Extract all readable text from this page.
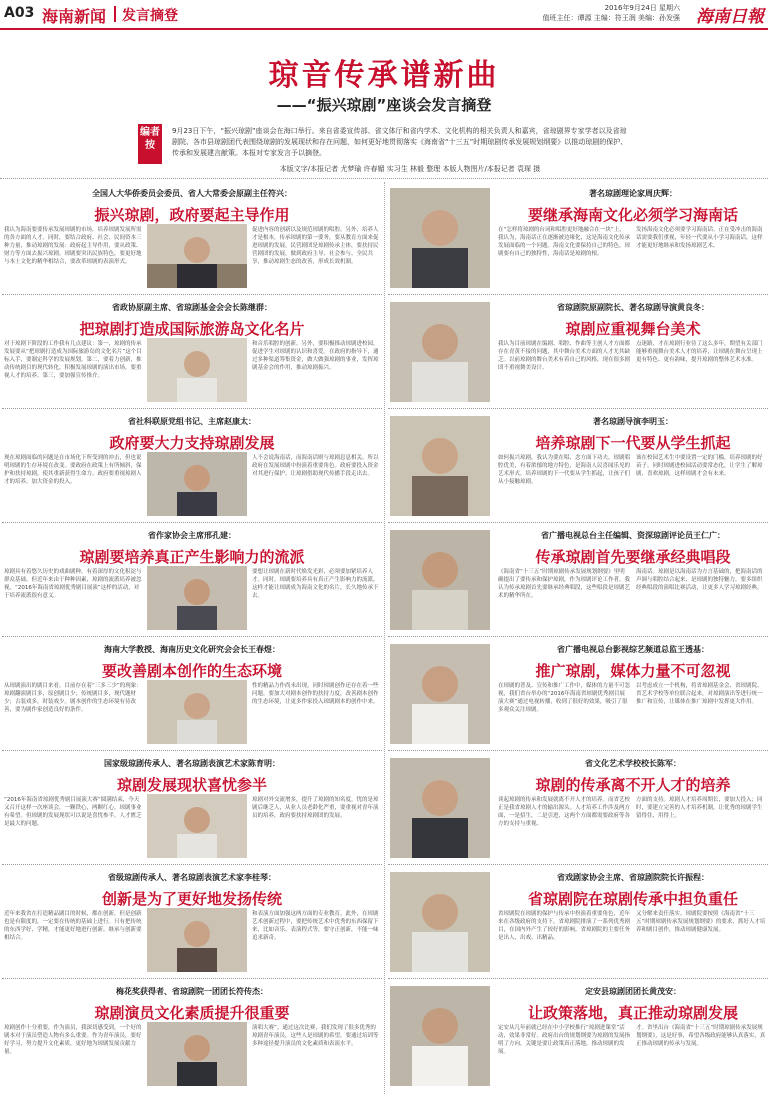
A03 海南新闻 发言摘登	2016年9月24日 星期六
值班主任：谭源 主编：符王润 美编：孙发强 海南日報
琼音传承谱新曲
——“振兴琼剧”座谈会发言摘登
编者按

9月23日下午，“振兴琼剧”座谈会在海口举行。来自省委宣传部、省文体厅和省内学术、文化机构的相关负责人和嘉宾，省琼剧界专家学者以及省琼剧院、各市县琼剧团代表围绕琼剧的发展现状和存在问题，如何更好地贯彻落实《海南省“十三五”时期琼剧传承发展规划纲要》以推动琼剧的保护、传承和发展建言献策。本报对专家发言予以摘登。

本版文字/本报记者 尤梦瑜 许春媚 实习生 林毅 整理 本版人物图片/本报记者 袁琛 摄

全国人大华侨委员会委员、省人大常委会原副主任符兴：
振兴琼剧，政府要起主导作用

我认为海南要要传承发展琼剧的市场，培养琼剧发展所需的各方面的人才。同时，要结合政府、社会、民间资本三种力量，推动琼剧的发展：政府起主导作用，要从政策、财力等方面去振兴琼剧。琼剧要突出民族特色，要更好地与本土文化的精华相结合，要改革琼剧的表演形式。

促进内容的创新以及规范琼剧的唱腔。另外，培养人才是根本，传承琼剧的第一要务，要从教育方面来促进琼剧的发展。民营剧团是琼剧传承主体，要扶持民营剧团的发展，做到政府主导、社会参与、全民共享，推动琼剧生态的改善，形成长效机制。

省政协原副主席、省琼剧基金会会长陈继群：
把琼剧打造成国际旅游岛文化名片

对于琼剧下阶段的工作我有几点建议：第一，琼剧的传承发展要从“把琼剧打造成为国际旅游岛的文化名片”这个目标入手，要制定科学的发展规划。第二，要着力创新，推动传统剧目的现代转化，积极发展琼剧的演出市场，要重视人才的培养。第三，要加强宣传推介。

和音乐唱腔的创新。另外，要积极推动琼剧进校园，促进学生对琼剧的认识和喜爱。在政府的指导下，通过多种渠道筹集资金，做大做强琼剧的事业，发挥琼剧基金会的作用，推动琼剧振兴。

省社科联原党组书记、主席赵康太：
政府要大力支持琼剧发展

现在琼剧面临的问题是在市场化下所受到的冲击，但也说明琼剧的生存环境在改变。要政府在政策上有所倾斜，保护和扶持琼剧，使其重新获得生命力。政府要重视琼剧人才的培养，加大资金的投入。

人不会说海南话，而海南话则与琼剧息息相关。所以政府在发展琼剧中扮演着重要角色。政府要投入资金对其进行保护。让琼剧借助现代传播手段走出去。

省作家协会主席邢孔建：
琼剧要培养真正产生影响力的流派

琼剧具有着悠久历史的戏曲剧种，有着深厚的文化积淀与群众基础。但近年来由于种种因素，琼剧的流派培养被忽视。“2016年海南省琼剧优秀剧目展演”这样的活动，对于培养流派很有意义。

要想让琼剧在新时代焕发光彩，必须要加紧培养人才。同时，琼剧要培养具有真正产生影响力的流派，这样才能让琼剧成为海南文化的名片，长久地传承下去。

海南大学教授、海南历史文化研究会会长王春煜：
要改善剧本创作的生态环境

从琼剧演出的剧目来看，目前存在着“三多三少”的现象：琼剧翻演剧目多，原创剧目少；传统剧目多，现代题材少；古装戏多，时装戏少。剧本创作的生态环境有待改善，要为剧作家创造良好的条件。

性的精品力作尚未出现。同时琼剧创作还存在着一些问题。要加大对剧本创作的扶持力度，改善剧本创作的生态环境，让更多作家投入琼剧剧本的创作中来。

国家级琼剧传承人、著名琼剧表演艺术家陈育明：
琼剧发展现状喜忧参半

“2016年海南省琼剧优秀剧目展演大赛”圆满结束，今天又召开这样一次座谈会，一颗铁心，两颗红心，琼剧事业有希望。但琼剧的发展现状可以说是喜忧参半，人才匮乏是最大的问题。

琼剧对外交流增多，提升了琼剧的知名度。忧的是琼剧后继乏人，从业人员老龄化严重，要重视对青年演员的培养，政府要扶持琼剧团的发展。

省级琼剧传承人、著名琼剧表演艺术家李桂琴：
创新是为了更好地发扬传统

近年来我省在打造精品剧目的时候，都在创新，但是创新也是有限度的，一定要在传统的基础上进行。只有把传统的东西学好、学精，才能更好地进行创新。继承与创新要相结合。

和表演方面加强这两方面的专业教育。此外，在琼剧艺术创新过程中，要把传统艺术中优秀的东西保留下来，比如音乐、表演程式等，要守正创新，不能一味追求新奇。

梅花奖获得者、省琼剧院一团团长符传杰：
琼剧演员文化素质提升很重要

琼剧创作十分重要，作为演员，我深切感受到，一个好的剧本对于演员塑造人物有多么重要。作为青年演员，要好好学习，努力提升文化素质，更好地为琼剧发展贡献力量。

演唱大赛”。通过这次比赛，我们发现了很多优秀的琼剧青年演员，这些人是琼剧的希望。要通过培训等多种途径提升演员的文化素质和表演水平。

著名琼剧理论家周庆辉：
要继承海南文化必须学习海南话

在“怎样将琼剧的台词和唱腔更好地融合在一块”上，我认为，海南话正在逐渐被边缘化，这是海南文化传承发展面临的一个问题。海南文化要保持自己的特色，琼剧要有自己的独特性，海南话是琼剧的根。

发扬海南文化必须要学习海南话。正在受冲击的海南话需要我们重视，年轻一代要从小学习海南话，这样才能更好地继承和发扬琼剧艺术。

省琼剧院原副院长、著名琼剧导演黄良冬：
琼剧应重视舞台美术

我认为目前琼剧在编剧、唱腔、作曲等主创人才方面都存在青黄不接的问题，其中舞台美术方面的人才尤其缺乏。以前琼剧的舞台美术有着自己的风格，现在很多剧团不重视舞美设计。

点迷路，才在琼剧行业待了这么多年，期望有关部门能够重视舞台美术人才的培养，让琼剧在舞台呈现上更有特色、更有韵味，提升琼剧的整体艺术水准。

著名琼剧导演李明玉：
培养琼剧下一代要从学生抓起

如何振兴琼剧，我认为要在唱、念方面下功夫。琼剧唱腔优美，有着浓郁的地方特色，是海南人民喜闻乐见的艺术形式。培养琼剧的下一代要从学生抓起，让孩子们从小接触琼剧。

该在校园艺术生中要设置一定的门槛，培养琼剧的好苗子。同时琼剧进校园活动要常态化，让学生了解琼剧、喜欢琼剧，这样琼剧才会有未来。

省广播电视总台主任编辑、资深琼剧评论员王仁广：
传承琼剧首先要继承经典唱段

《海南省“十三五”时期琼剧传承发展规划纲要》里明确提出了要传承和保护琼剧，作为琼剧评论工作者，我认为传承琼剧首先要继承经典唱段，这些唱段是琼剧艺术的精华所在。

海南话。琼剧是以海南话为方言基础的，把海南话的声调与唱腔结合起来，是琼剧的独特魅力。要多组织经典唱段的演唱比赛活动，让更多人学习琼剧经典。

省广播电视总台影视综艺频道总监王透基：
推广琼剧，媒体力量不可忽视

在琼剧的普及、宣传和推广工作中，媒体的力量不可忽视，我们省台举办的“2016年海南省琼剧优秀剧目展演大赛”通过电视转播，收到了很好的效果，吸引了很多观众关注琼剧。

以考虑成立一个机构，将省琼剧基金会、省琼剧院、省艺术学校等单位联合起来，对琼剧演出等进行统一推广和宣传，让媒体在推广琼剧中发挥更大作用。

省文化艺术学校校长陈军：
琼剧的传承离不开人才的培养

谈起琼剧的传承和发展就离不开人才的培养。而省艺校正是我省琼剧人才的输出源头。人才培养工作涉及两方面，一是招生，二是引进，这两个方面都需要政府等各方的支持与重视。

方面的支持。琼剧人才培养周期长，要加大投入；同时，要建立完善的人才培养机制，让优秀的琼剧学生留得住、用得上。

省戏剧家协会主席、省琼剧院院长许振程：
省琼剧院在琼剧传承中担负重任

省琼剧院在琼剧的保护与传承中扮演着重要角色，近年来在各级政府的支持下，省琼剧院排演了一系列优秀剧目，在国内外产生了较好的影响。省琼剧院的主要任务是出人、出戏、出精品。

又分解来责任落实。琼剧院要按照《海南省“十三五”时期琼剧传承发展规划纲要》的要求，抓好人才培养和剧目创作，推动琼剧健康发展。

定安县琼剧团团长黄茂安：
让政策落地，真正推动琼剧发展

定安从几年前就已经在中小学校推行“琼剧进课堂”活动，效果非常好。政府出台的规划纲要为琼剧的发展指明了方向，关键是要让政策真正落地，推动琼剧的发展。

才。省里出台《海南省“十三五”时期琼剧传承发展规划纲要》，这是好事，希望各级政府能够认真落实，真正推动琼剧的传承与发展。
